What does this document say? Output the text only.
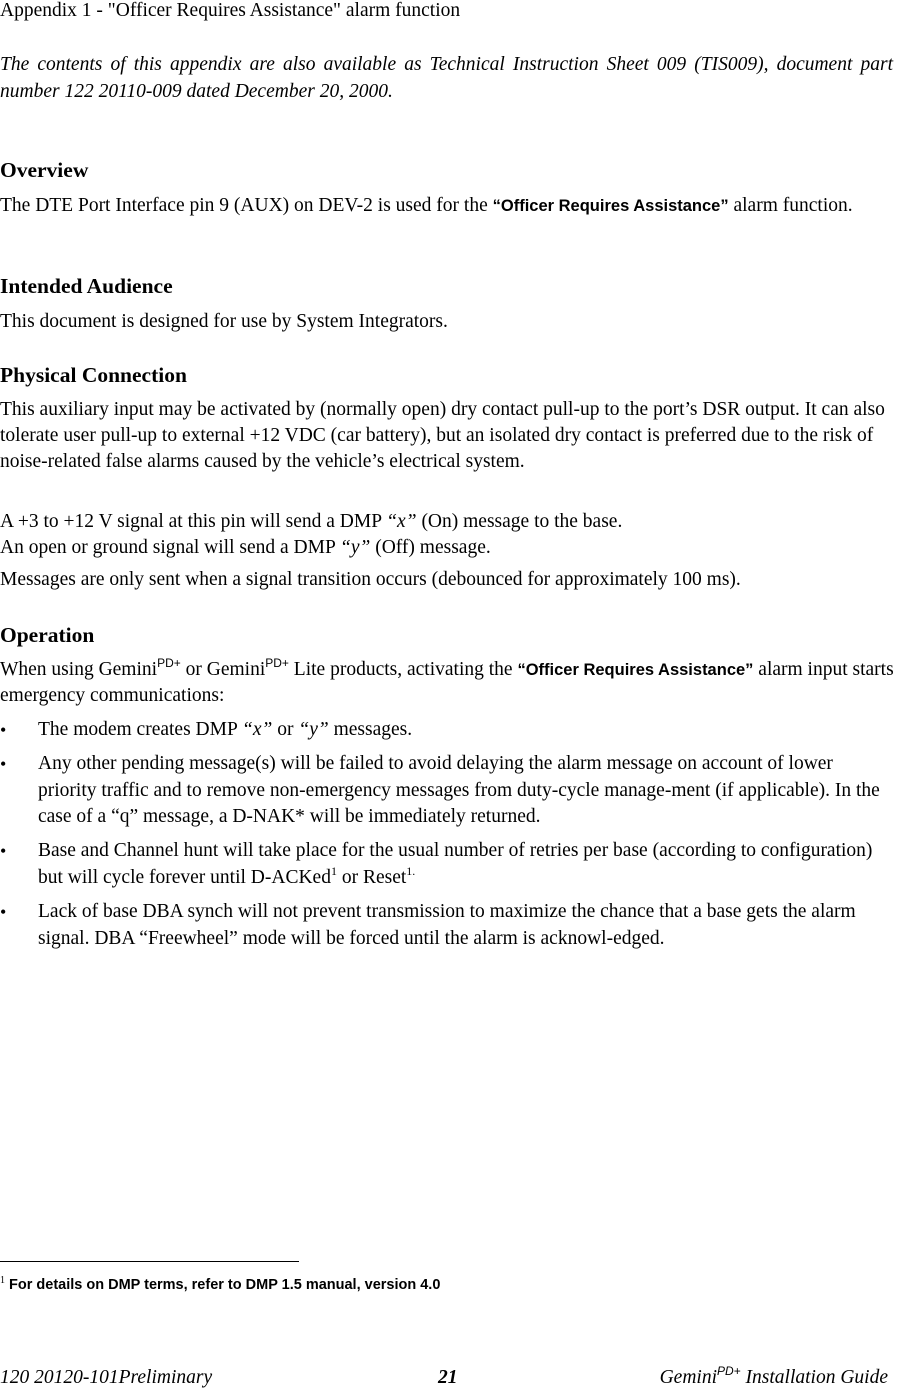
Appendix 1 - "Officer Requires Assistance" alarm function
The contents of this appendix are also available as Technical Instruction Sheet 009 (TIS009), document part number 122 20110-009 dated December 20, 2000.
Overview
The DTE Port Interface pin 9 (AUX) on DEV-2 is used for the “Officer Requires Assistance” alarm function.
Intended Audience
This document is designed for use by System Integrators.
Physical Connection
This auxiliary input may be activated by (normally open) dry contact pull-up to the port’s DSR output. It can also tolerate user pull-up to external +12 VDC (car battery), but an isolated dry contact is preferred due to the risk of noise-related false alarms caused by the vehicle’s electrical system.
A +3 to +12 V signal at this pin will send a DMP “x” (On) message to the base.
An open or ground signal will send a DMP “y” (Off) message.
Messages are only sent when a signal transition occurs (debounced for approximately 100 ms).
Operation
When using Gemini$^{PD+}$ or Gemini$^{PD+}$ Lite products, activating the “Officer Requires Assistance” alarm input starts emergency communications:
• The modem creates DMP “x” or “y” messages.
• Any other pending message(s) will be failed to avoid delaying the alarm message on account of lower priority traffic and to remove non-emergency messages from duty-cycle manage-ment (if applicable). In the case of a “q” message, a D-NAK* will be immediately returned.
• Base and Channel hunt will take place for the usual number of retries per base (according to configuration) but will cycle forever until D-ACKed$^1$ or Reset$^{1.}$
• Lack of base DBA synch will not prevent transmission to maximize the chance that a base gets the alarm signal. DBA “Freewheel” mode will be forced until the alarm is acknowl-edged.
$^1$ For details on DMP terms, refer to DMP 1.5 manual, version 4.0
120 20120-101Preliminary	21	Gemini$^{PD+}$ Installation Guide
